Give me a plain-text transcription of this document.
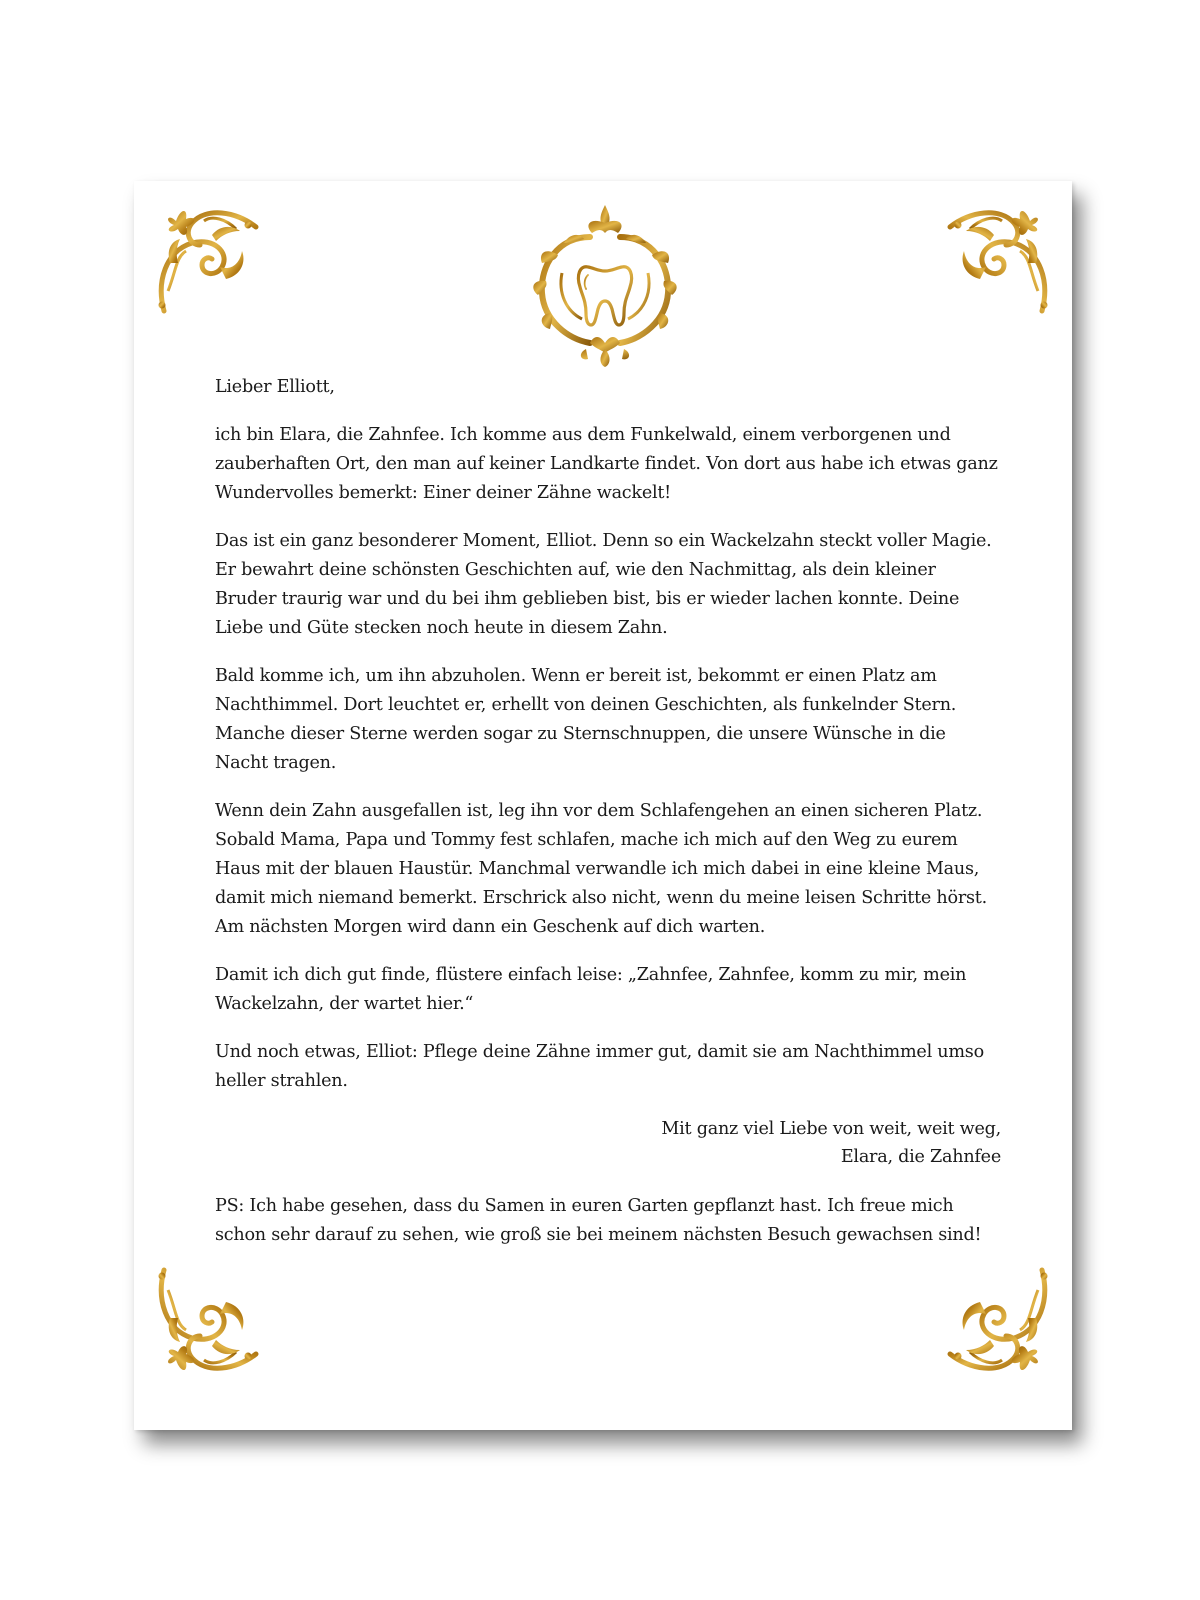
Lieber Elliott,

ich bin Elara, die Zahnfee. Ich komme aus dem Funkelwald, einem verborgenen und zauberhaften Ort, den man auf keiner Landkarte findet. Von dort aus habe ich etwas ganz Wundervolles bemerkt: Einer deiner Zähne wackelt!

Das ist ein ganz besonderer Moment, Elliot. Denn so ein Wackelzahn steckt voller Magie. Er bewahrt deine schönsten Geschichten auf, wie den Nachmittag, als dein kleiner Bruder traurig war und du bei ihm geblieben bist, bis er wieder lachen konnte. Deine Liebe und Güte stecken noch heute in diesem Zahn.

Bald komme ich, um ihn abzuholen. Wenn er bereit ist, bekommt er einen Platz am Nachthimmel. Dort leuchtet er, erhellt von deinen Geschichten, als funkelnder Stern. Manche dieser Sterne werden sogar zu Sternschnuppen, die unsere Wünsche in die Nacht tragen.

Wenn dein Zahn ausgefallen ist, leg ihn vor dem Schlafengehen an einen sicheren Platz. Sobald Mama, Papa und Tommy fest schlafen, mache ich mich auf den Weg zu eurem Haus mit der blauen Haustür. Manchmal verwandle ich mich dabei in eine kleine Maus, damit mich niemand bemerkt. Erschrick also nicht, wenn du meine leisen Schritte hörst. Am nächsten Morgen wird dann ein Geschenk auf dich warten.

Damit ich dich gut finde, flüstere einfach leise: „Zahnfee, Zahnfee, komm zu mir, mein Wackelzahn, der wartet hier.“

Und noch etwas, Elliot: Pflege deine Zähne immer gut, damit sie am Nachthimmel umso heller strahlen.

Mit ganz viel Liebe von weit, weit weg,
Elara, die Zahnfee

PS: Ich habe gesehen, dass du Samen in euren Garten gepflanzt hast. Ich freue mich schon sehr darauf zu sehen, wie groß sie bei meinem nächsten Besuch gewachsen sind!
